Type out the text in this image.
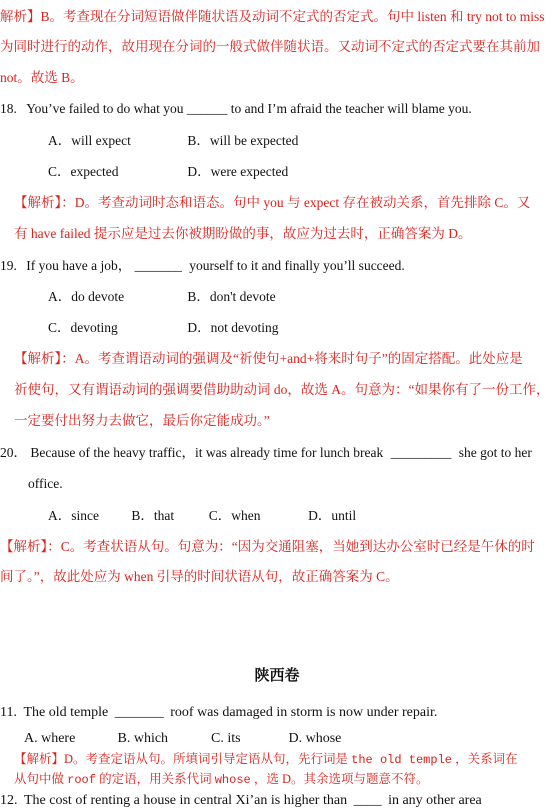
解析】B。考查现在分词短语做伴随状语及动词不定式的否定式。句中 listen 和 try not to miss
为同时进行的动作，故用现在分词的一般式做伴随状语。又动词不定式的否定式要在其前加
not。故选 B。
18. You’ve failed to do what you ______ to and I’m afraid the teacher will blame you.
A．will expect	B．will be expected
C．expected	D．were expected
【解析】：D。考查动词时态和语态。句中 you 与 expect 存在被动关系，首先排除 C。又
有 have failed 提示应是过去你被期盼做的事，故应为过去时，正确答案为 D。
19. If you have a job， _______ yourself to it and finally you’ll succeed.
A．do devote	B．don't devote
C．devoting	D．not devoting
【解析】：A。考查谓语动词的强调及“祈使句+and+将来时句子”的固定搭配。此处应是
祈使句，又有谓语动词的强调要借助助动词 do，故选 A。句意为：“如果你有了一份工作，
一定要付出努力去做它，最后你定能成功。”
20． Because of the heavy traffic，it was already time for lunch break _________ she got to her
office.
A．since B．that	C．when	D．until
【解析】：C。考查状语从句。句意为：“因为交通阻塞，当她到达办公室时已经是午休的时
间了。”，故此处应为 when 引导的时间状语从句，故正确答案为 C。
陕西卷
11. The old temple _______ roof was damaged in storm is now under repair.
A. where	B. which	C. its	D. whose
【解析】D。考查定语从句。所填词引导定语从句，先行词是 the old temple ，关系词在
从句中做 roof 的定语，用关系代词 whose ，选 D。其余选项与题意不符。
12. The cost of renting a house in central Xi’an is higher than ____ in any other area
